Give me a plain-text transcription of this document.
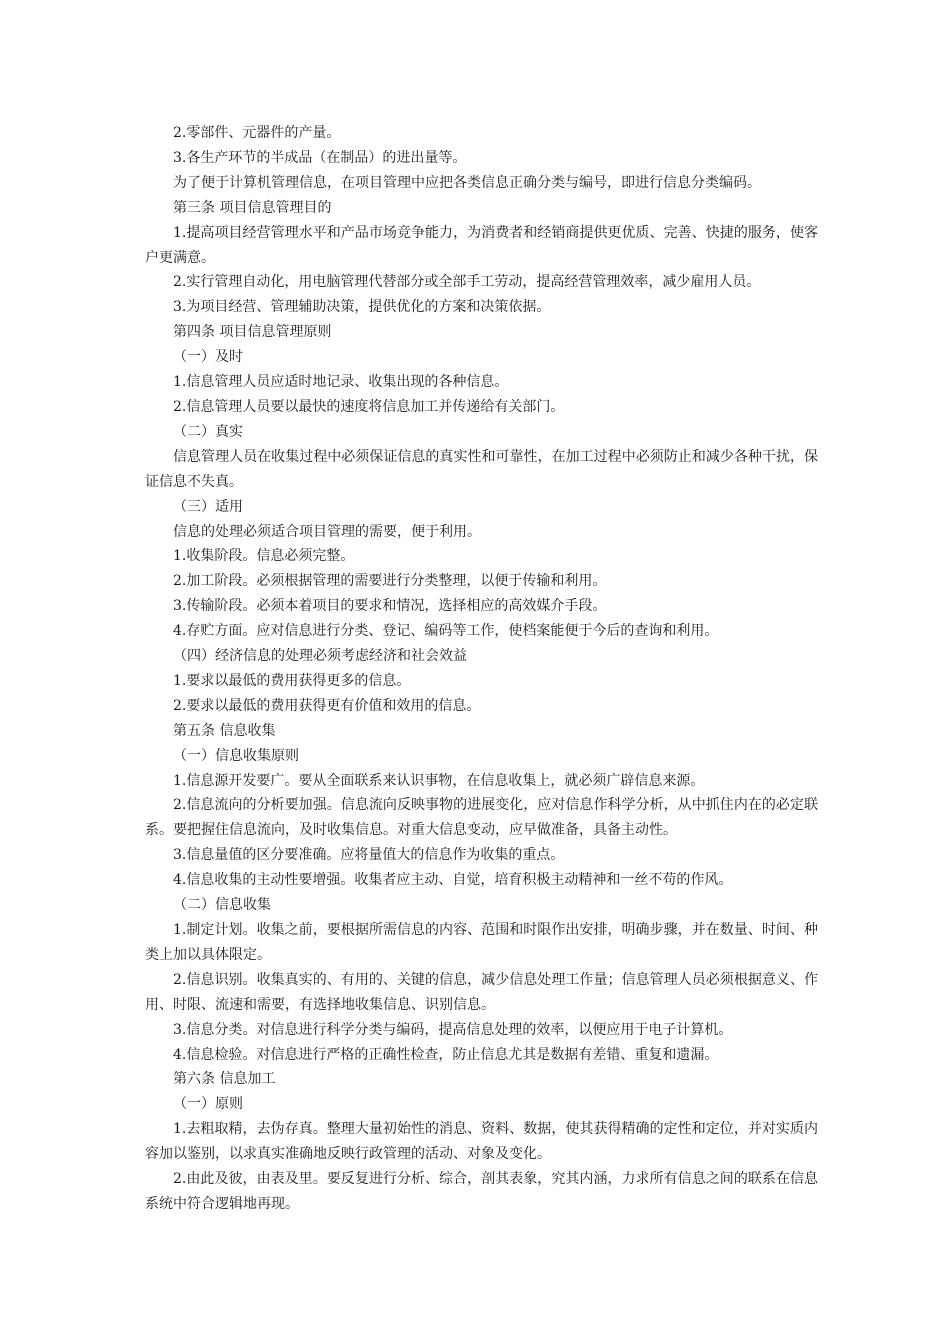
2.零部件、元器件的产量。

3.各生产环节的半成品（在制品）的进出量等。

为了便于计算机管理信息，在项目管理中应把各类信息正确分类与编号，即进行信息分类编码。

第三条 项目信息管理目的

1.提高项目经营管理水平和产品市场竞争能力，为消费者和经销商提供更优质、完善、快捷的服务，使客户更满意。

2.实行管理自动化，用电脑管理代替部分或全部手工劳动，提高经营管理效率，减少雇用人员。

3.为项目经营、管理辅助决策，提供优化的方案和决策依据。

第四条 项目信息管理原则

（一）及时

1.信息管理人员应适时地记录、收集出现的各种信息。

2.信息管理人员要以最快的速度将信息加工并传递给有关部门。

（二）真实

信息管理人员在收集过程中必须保证信息的真实性和可靠性，在加工过程中必须防止和减少各种干扰，保证信息不失真。

（三）适用

信息的处理必须适合项目管理的需要，便于利用。

1.收集阶段。信息必须完整。

2.加工阶段。必须根据管理的需要进行分类整理，以便于传输和利用。

3.传输阶段。必须本着项目的要求和情况，选择相应的高效媒介手段。

4.存贮方面。应对信息进行分类、登记、编码等工作，使档案能便于今后的查询和利用。

（四）经济信息的处理必须考虑经济和社会效益

1.要求以最低的费用获得更多的信息。

2.要求以最低的费用获得更有价值和效用的信息。

第五条 信息收集

（一）信息收集原则

1.信息源开发要广。要从全面联系来认识事物，在信息收集上，就必须广辟信息来源。

2.信息流向的分析要加强。信息流向反映事物的进展变化，应对信息作科学分析，从中抓住内在的必定联系。要把握住信息流向，及时收集信息。对重大信息变动，应早做准备，具备主动性。

3.信息量值的区分要准确。应将量值大的信息作为收集的重点。

4.信息收集的主动性要增强。收集者应主动、自觉，培育积极主动精神和一丝不苟的作风。

（二）信息收集

1.制定计划。收集之前，要根据所需信息的内容、范围和时限作出安排，明确步骤，并在数量、时间、种类上加以具体限定。

2.信息识别。收集真实的、有用的、关键的信息，减少信息处理工作量；信息管理人员必须根据意义、作用、时限、流速和需要，有选择地收集信息、识别信息。

3.信息分类。对信息进行科学分类与编码，提高信息处理的效率，以便应用于电子计算机。

4.信息检验。对信息进行严格的正确性检查，防止信息尤其是数据有差错、重复和遗漏。

第六条 信息加工

（一）原则

1.去粗取精，去伪存真。整理大量初始性的消息、资料、数据，使其获得精确的定性和定位，并对实质内容加以鉴别，以求真实准确地反映行政管理的活动、对象及变化。

2.由此及彼，由表及里。要反复进行分析、综合，剖其表象，究其内涵，力求所有信息之间的联系在信息系统中符合逻辑地再现。
